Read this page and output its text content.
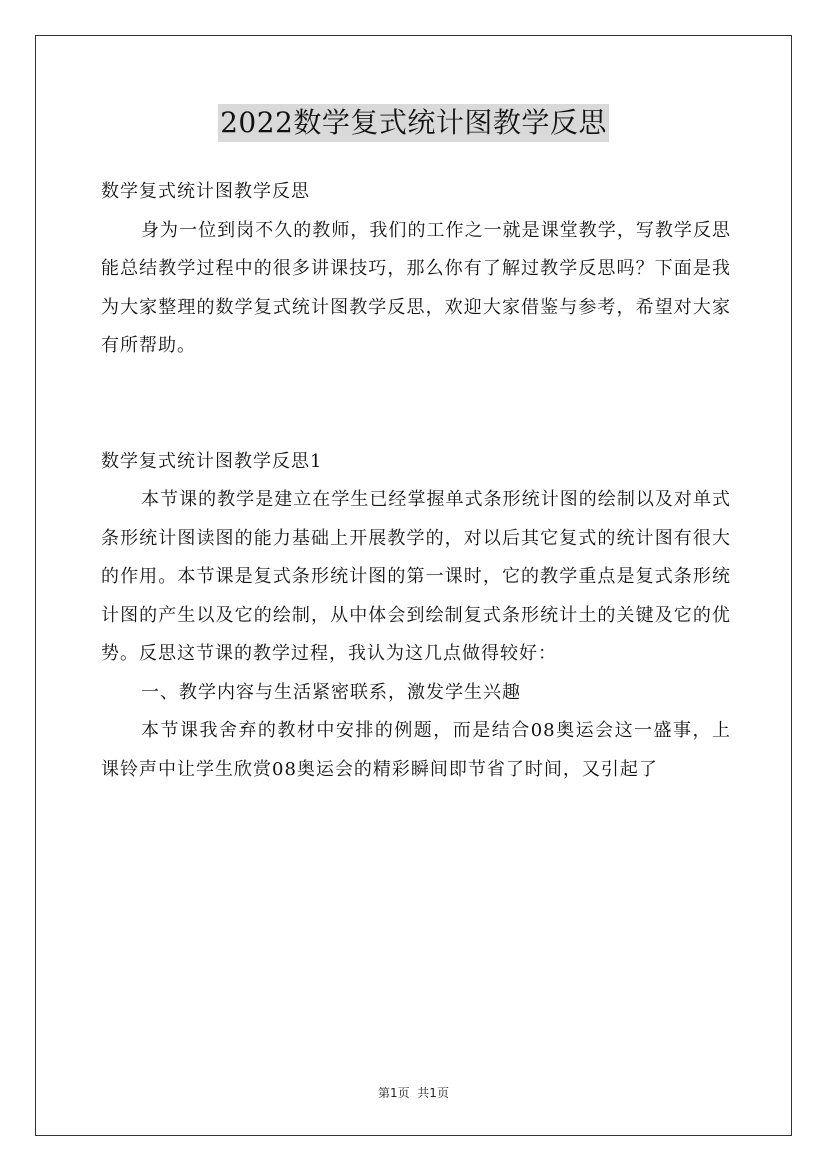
2022数学复式统计图教学反思

数学复式统计图教学反思

身为一位到岗不久的教师，我们的工作之一就是课堂教学，写教学反思能总结教学过程中的很多讲课技巧，那么你有了解过教学反思吗？下面是我为大家整理的数学复式统计图教学反思，欢迎大家借鉴与参考，希望对大家有所帮助。

数学复式统计图教学反思1

本节课的教学是建立在学生已经掌握单式条形统计图的绘制以及对单式条形统计图读图的能力基础上开展教学的，对以后其它复式的统计图有很大的作用。本节课是复式条形统计图的第一课时，它的教学重点是复式条形统计图的产生以及它的绘制，从中体会到绘制复式条形统计土的关键及它的优势。反思这节课的教学过程，我认为这几点做得较好：

一、教学内容与生活紧密联系，激发学生兴趣

本节课我舍弃的教材中安排的例题，而是结合08奥运会这一盛事，上课铃声中让学生欣赏08奥运会的精彩瞬间即节省了时间，又引起了

第1页  共1页
